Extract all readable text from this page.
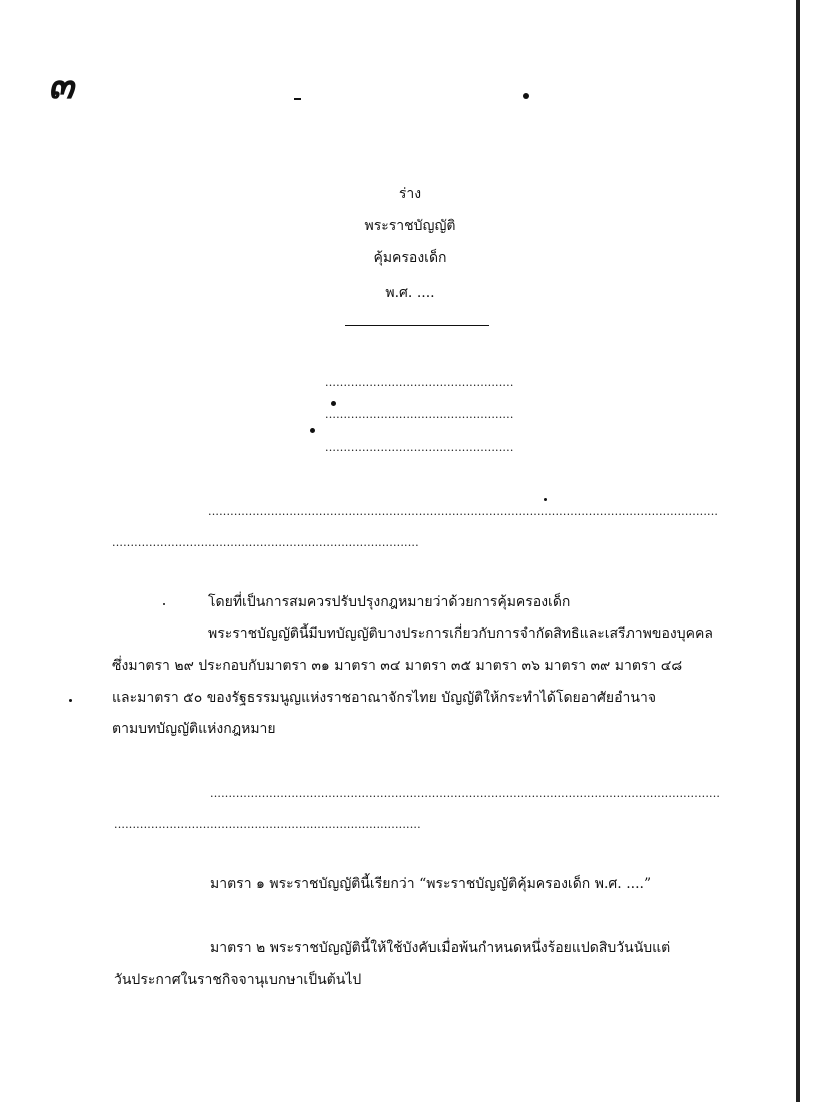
๓
ร่าง
พระราชบัญญัติ
คุ้มครองเด็ก
พ.ศ. ....
...................................................
...................................................
...................................................
..........................................................................................................................................
...................................................................................
โดยที่เป็นการสมควรปรับปรุงกฎหมายว่าด้วยการคุ้มครองเด็ก
พระราชบัญญัตินี้มีบทบัญญัติบางประการเกี่ยวกับการจำกัดสิทธิและเสรีภาพของบุคคล
ซึ่งมาตรา ๒๙ ประกอบกับมาตรา ๓๑ มาตรา ๓๔ มาตรา ๓๕ มาตรา ๓๖ มาตรา ๓๙ มาตรา ๔๘
และมาตรา ๕๐ ของรัฐธรรมนูญแห่งราชอาณาจักรไทย บัญญัติให้กระทำได้โดยอาศัยอำนาจ
ตามบทบัญญัติแห่งกฎหมาย
..........................................................................................................................................
...................................................................................
มาตรา ๑ พระราชบัญญัตินี้เรียกว่า “พระราชบัญญัติคุ้มครองเด็ก พ.ศ. ....”
มาตรา ๒ พระราชบัญญัตินี้ให้ใช้บังคับเมื่อพ้นกำหนดหนึ่งร้อยแปดสิบวันนับแต่
วันประกาศในราชกิจจานุเบกษาเป็นต้นไป
